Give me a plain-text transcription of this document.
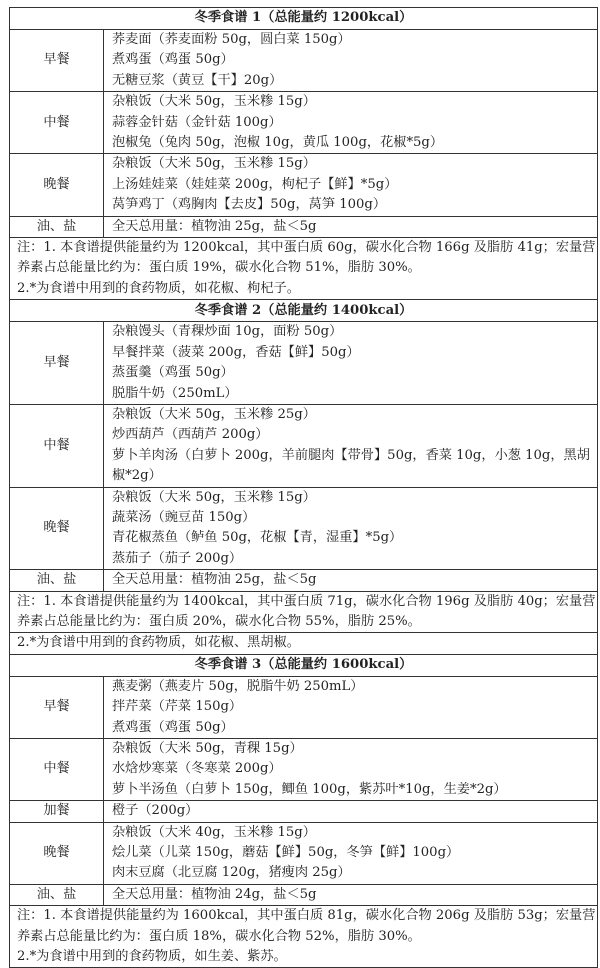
冬季食谱 1（总能量约 1200kcal）	
早餐	荞麦面（荞麦面粉 50g，圆白菜 150g）
煮鸡蛋（鸡蛋 50g）
无糖豆浆（黄豆【干】20g）

中餐	杂粮饭（大米 50g，玉米糁 15g）
蒜蓉金针菇（金针菇 100g）
泡椒兔（兔肉 50g，泡椒 10g，黄瓜 100g，花椒*5g）

晚餐	杂粮饭（大米 50g，玉米糁 15g）
上汤娃娃菜（娃娃菜 200g，枸杞子【鲜】*5g）
莴笋鸡丁（鸡胸肉【去皮】50g，莴笋 100g）

油、盐	全天总用量：植物油 25g，盐＜5g

注：1. 本食谱提供能量约为 1200kcal，其中蛋白质 60g，碳水化合物 166g 及脂肪 41g；宏量营养素占总能量比约为：蛋白质 19%，碳水化合物 51%，脂肪 30%。
2.*为食谱中用到的食药物质，如花椒、枸杞子。	

冬季食谱 2（总能量约 1400kcal）	
早餐	杂粮馒头（青稞炒面 10g，面粉 50g）
早餐拌菜（菠菜 200g，香菇【鲜】50g）
蒸蛋羹（鸡蛋 50g）
脱脂牛奶（250mL）

中餐	杂粮饭（大米 50g，玉米糁 25g）
炒西葫芦（西葫芦 200g）
萝卜羊肉汤（白萝卜 200g，羊前腿肉【带骨】50g，香菜 10g，小葱 10g，黑胡椒*2g）

晚餐	杂粮饭（大米 50g，玉米糁 15g）
蔬菜汤（豌豆苗 150g）
青花椒蒸鱼（鲈鱼 50g，花椒【青，湿重】*5g）
蒸茄子（茄子 200g）

油、盐	全天总用量：植物油 25g，盐＜5g

注：1. 本食谱提供能量约为 1400kcal，其中蛋白质 71g，碳水化合物 196g 及脂肪 40g；宏量营养素占总能量比约为：蛋白质 20%，碳水化合物 55%，脂肪 25%。	

2.*为食谱中用到的食药物质，如花椒、黑胡椒。	

冬季食谱 3（总能量约 1600kcal）	
早餐	燕麦粥（燕麦片 50g，脱脂牛奶 250mL）
拌芹菜（芹菜 150g）
煮鸡蛋（鸡蛋 50g）

中餐	杂粮饭（大米 50g，青稞 15g）
水焓炒寒菜（冬寒菜 200g）
萝卜半汤鱼（白萝卜 150g，鲫鱼 100g，紫苏叶*10g，生姜*2g）

加餐	橙子（200g）

晚餐	杂粮饭（大米 40g，玉米糁 15g）
烩儿菜（儿菜 150g，蘑菇【鲜】50g，冬笋【鲜】100g）
肉末豆腐（北豆腐 120g，猪瘦肉 25g）

油、盐	全天总用量：植物油 24g，盐＜5g

注：1. 本食谱提供能量约为 1600kcal，其中蛋白质 81g，碳水化合物 206g 及脂肪 53g；宏量营养素占总能量比约为：蛋白质 18%，碳水化合物 52%，脂肪 30%。
2.*为食谱中用到的食药物质，如生姜、紫苏。	
